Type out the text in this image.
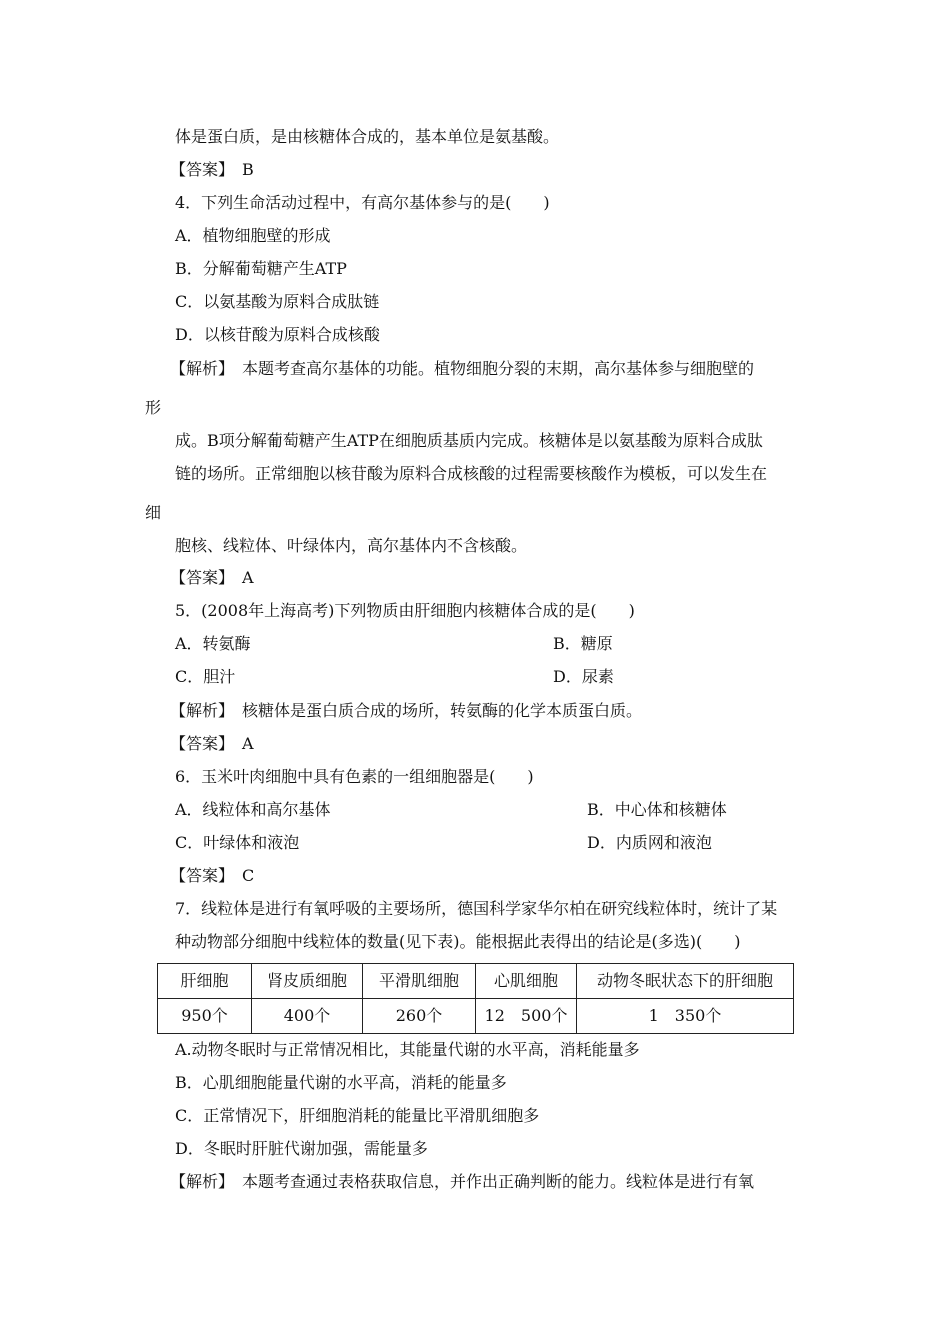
体是蛋白质，是由核糖体合成的，基本单位是氨基酸。
【答案】　B
4．下列生命活动过程中，有高尔基体参与的是(　　)
A．植物细胞壁的形成
B．分解葡萄糖产生ATP
C．以氨基酸为原料合成肽链
D．以核苷酸为原料合成核酸
【解析】　本题考查高尔基体的功能。植物细胞分裂的末期，高尔基体参与细胞壁的
形
成。B项分解葡萄糖产生ATP在细胞质基质内完成。核糖体是以氨基酸为原料合成肽
链的场所。正常细胞以核苷酸为原料合成核酸的过程需要核酸作为模板，可以发生在
细
胞核、线粒体、叶绿体内，高尔基体内不含核酸。
【答案】　A
5．(2008年上海高考)下列物质由肝细胞内核糖体合成的是(　　)
A．转氨酶	B．糖原
C．胆汁	D．尿素
【解析】　核糖体是蛋白质合成的场所，转氨酶的化学本质蛋白质。
【答案】　A
6．玉米叶肉细胞中具有色素的一组细胞器是(　　)
A．线粒体和高尔基体	B．中心体和核糖体
C．叶绿体和液泡	D．内质网和液泡
【答案】　C
7．线粒体是进行有氧呼吸的主要场所，德国科学家华尔柏在研究线粒体时，统计了某
种动物部分细胞中线粒体的数量(见下表)。能根据此表得出的结论是(多选)(　　)
肝细胞	肾皮质细胞	平滑肌细胞	心肌细胞	动物冬眠状态下的肝细胞
950个	400个	260个	12　500个	1　350个
A.动物冬眠时与正常情况相比，其能量代谢的水平高，消耗能量多
B．心肌细胞能量代谢的水平高，消耗的能量多
C．正常情况下，肝细胞消耗的能量比平滑肌细胞多
D．冬眠时肝脏代谢加强，需能量多
【解析】　本题考查通过表格获取信息，并作出正确判断的能力。线粒体是进行有氧
